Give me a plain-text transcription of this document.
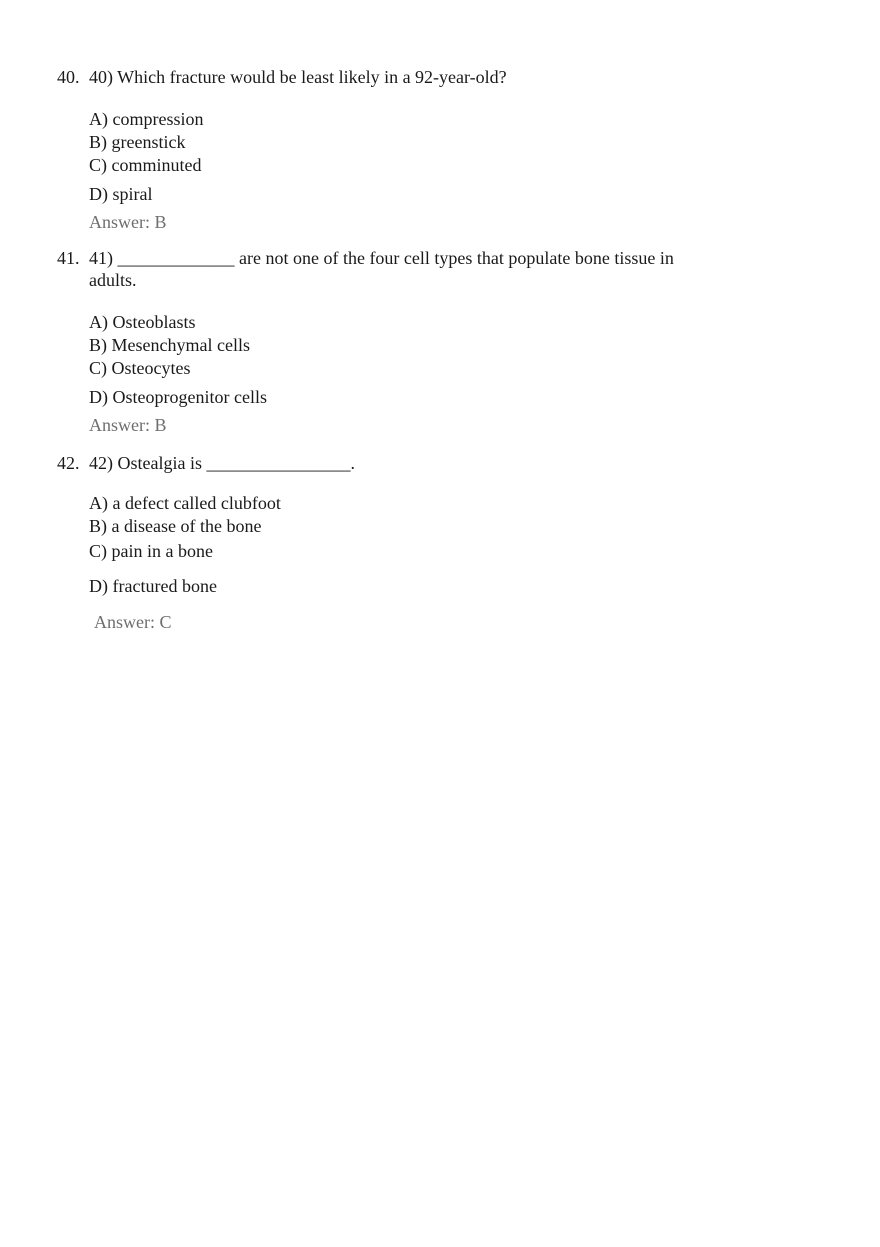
40. 40) Which fracture would be least likely in a 92-year-old?
A) compression
B) greenstick
C) comminuted
D) spiral
Answer: B
41. 41) _____________ are not one of the four cell types that populate bone tissue in
adults.
A) Osteoblasts
B) Mesenchymal cells
C) Osteocytes
D) Osteoprogenitor cells
Answer: B
42. 42) Ostealgia is ________________.
A) a defect called clubfoot
B) a disease of the bone
C) pain in a bone
D) fractured bone
Answer: C
